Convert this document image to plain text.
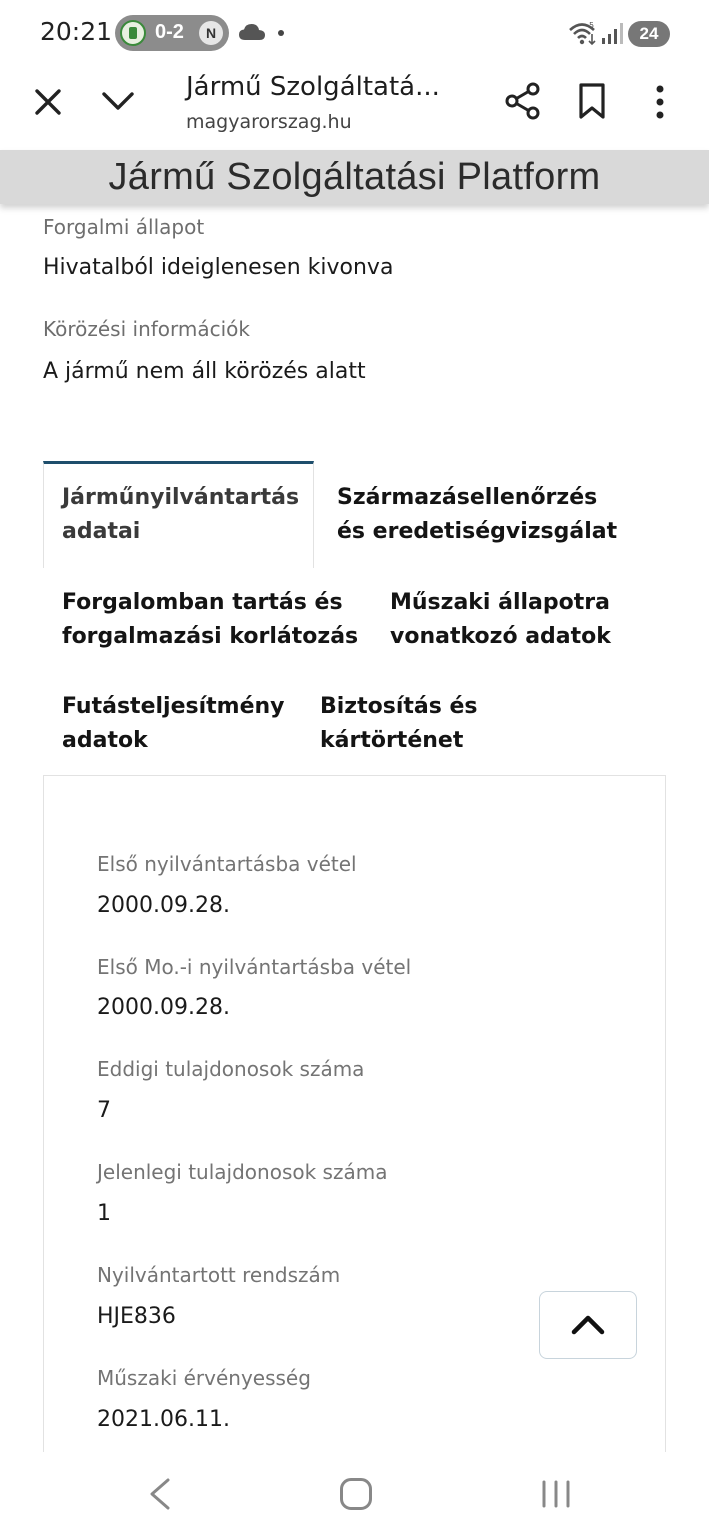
20:21 0-2	N	5	24
Jármű Szolgáltatá...
magyarorszag.hu
Jármű Szolgáltatási Platform
Forgalmi állapot
Hivatalból ideiglenesen kivonva
Körözési információk
A jármű nem áll körözés alatt
Járműnyilvántartás
adatai
Származásellenőrzés
és eredetiségvizsgálat
Forgalomban tartás és
forgalmazási korlátozás
Műszaki állapotra
vonatkozó adatok
Futásteljesítmény
adatok
Biztosítás és
kártörténet
Első nyilvántartásba vétel
2000.09.28.
Első Mo.-i nyilvántartásba vétel
2000.09.28.
Eddigi tulajdonosok száma
7
Jelenlegi tulajdonosok száma
1
Nyilvántartott rendszám
HJE836
Műszaki érvényesség
2021.06.11.
